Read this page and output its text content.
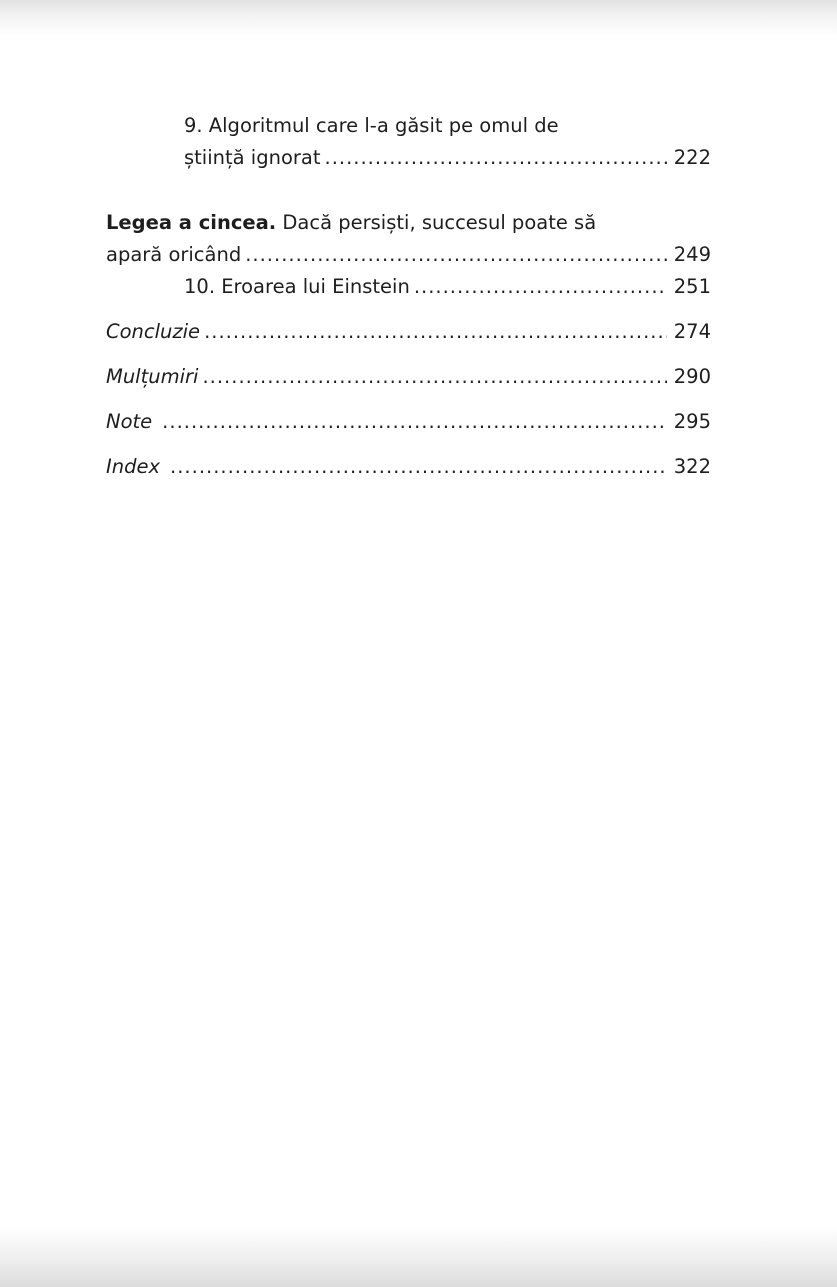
9. Algoritmul care l-a găsit pe omul de
știință ignorat . . .	222
Legea a cincea. Dacă persiști, succesul poate să
apară oricând . . .	249
10. Eroarea lui Einstein . . .	251
Concluzie . . .	274
Mulțumiri . . .	290
Note . . .	295
Index . . .	322
